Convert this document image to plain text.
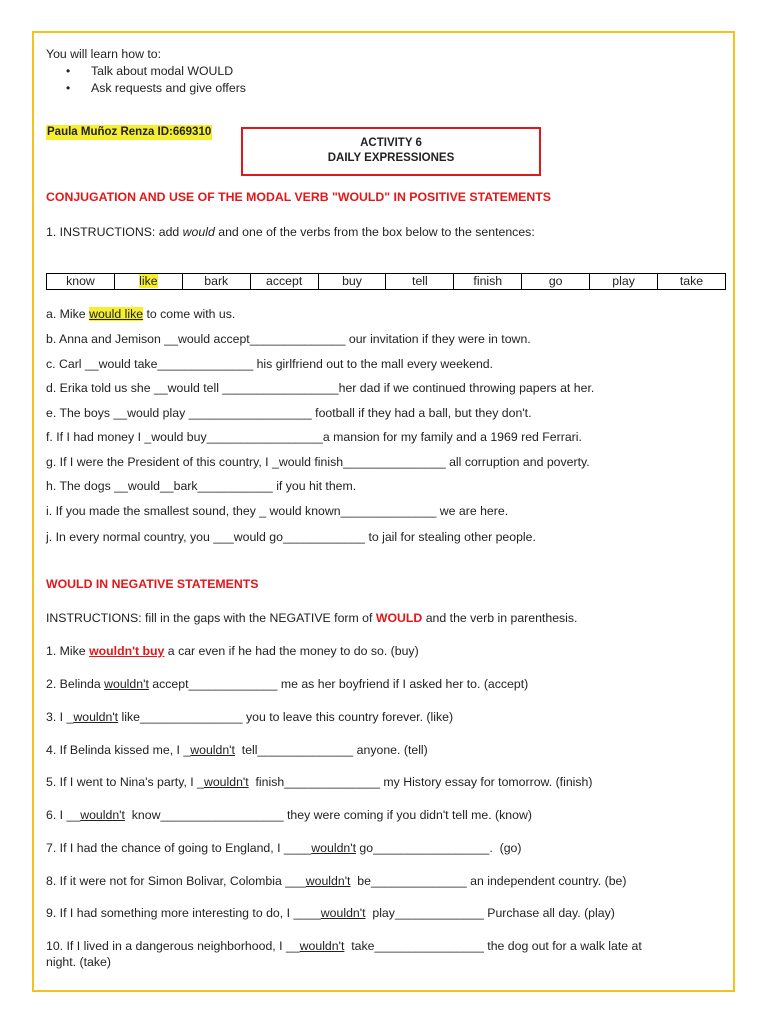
You will learn how to:
• Talk about modal WOULD
• Ask requests and give offers
Paula Muñoz Renza ID:669310
ACTIVITY 6
DAILY EXPRESSIONES
CONJUGATION AND USE OF THE MODAL VERB "WOULD" IN POSITIVE STATEMENTS
1. INSTRUCTIONS: add would and one of the verbs from the box below to the sentences:
know	like	bark	accept	buy	tell	finish	go	play	take
a. Mike would like to come with us.
b. Anna and Jemison __would accept______________ our invitation if they were in town.
c. Carl __would take______________ his girlfriend out to the mall every weekend.
d. Erika told us she __would tell _________________her dad if we continued throwing papers at her.
e. The boys __would play __________________ football if they had a ball, but they don't.
f. If I had money I _would buy_________________a mansion for my family and a 1969 red Ferrari.
g. If I were the President of this country, I _would finish_______________ all corruption and poverty.
h. The dogs __would__bark___________ if you hit them.
i. If you made the smallest sound, they _ would known______________ we are here.
j. In every normal country, you ___would go____________ to jail for stealing other people.
WOULD IN NEGATIVE STATEMENTS
INSTRUCTIONS: fill in the gaps with the NEGATIVE form of WOULD and the verb in parenthesis.
1. Mike wouldn't buy a car even if he had the money to do so. (buy)
2. Belinda wouldn't accept_____________ me as her boyfriend if I asked her to. (accept)
3. I _wouldn't like_______________ you to leave this country forever. (like)
4. If Belinda kissed me, I _wouldn't  tell______________ anyone. (tell)
5. If I went to Nina's party, I _wouldn't  finish______________ my History essay for tomorrow. (finish)
6. I __wouldn't  know__________________ they were coming if you didn't tell me. (know)
7. If I had the chance of going to England, I ____wouldn't go_________________.  (go)
8. If it were not for Simon Bolivar, Colombia ___wouldn't  be______________ an independent country. (be)
9. If I had something more interesting to do, I ____wouldn't  play_____________ Purchase all day. (play)
10. If I lived in a dangerous neighborhood, I __wouldn't  take________________ the dog out for a walk late at
night. (take)
